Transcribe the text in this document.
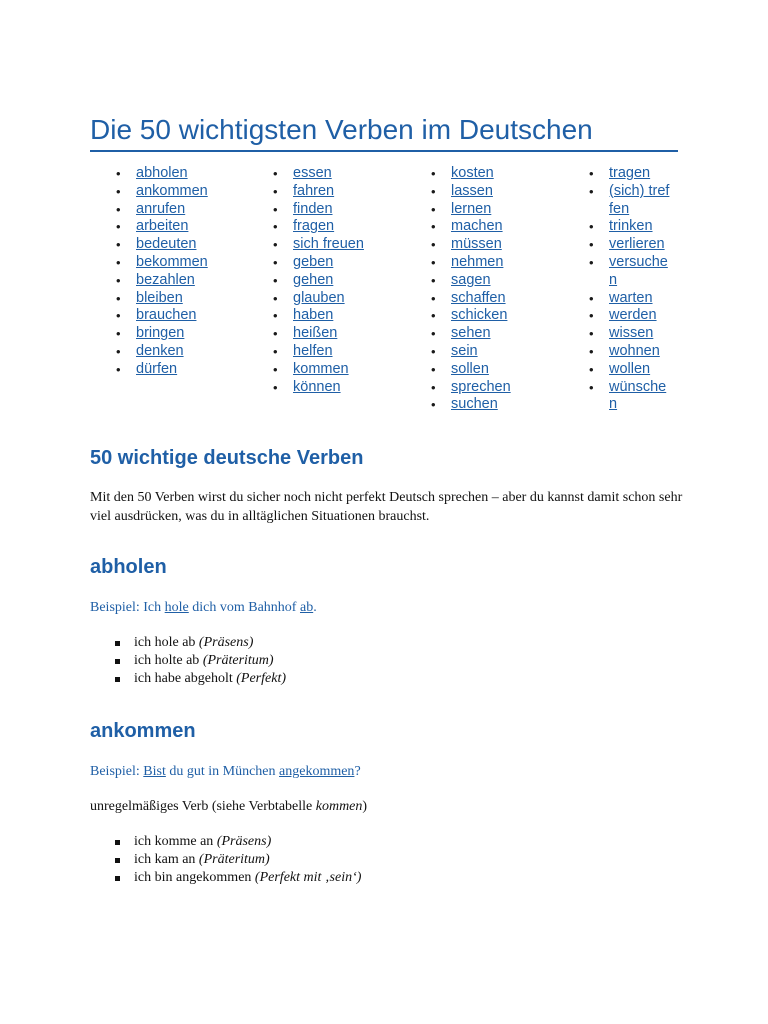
Die 50 wichtigsten Verben im Deutschen
• abholen
• ankommen
• anrufen
• arbeiten
• bedeuten
• bekommen
• bezahlen
• bleiben
• brauchen
• bringen
• denken
• dürfen
• essen
• fahren
• finden
• fragen
• sich freuen
• geben
• gehen
• glauben
• haben
• heißen
• helfen
• kommen
• können
• kosten
• lassen
• lernen
• machen
• müssen
• nehmen
• sagen
• schaffen
• schicken
• sehen
• sein
• sollen
• sprechen
• suchen
• tragen
• (sich) treffen
• trinken
• verlieren
• versuchen
• warten
• werden
• wissen
• wohnen
• wollen
• wünschen
50 wichtige deutsche Verben

Mit den 50 Verben wirst du sicher noch nicht perfekt Deutsch sprechen – aber du kannst damit schon sehr viel ausdrücken, was du in alltäglichen Situationen brauchst.

abholen

Beispiel: Ich hole dich vom Bahnhof ab.

ich hole ab (Präsens)
ich holte ab (Präteritum)
ich habe abgeholt (Perfekt)
ankommen

Beispiel: Bist du gut in München angekommen?

unregelmäßiges Verb (siehe Verbtabelle kommen)

ich komme an (Präsens)
ich kam an (Präteritum)
ich bin angekommen (Perfekt mit ‚sein‘)
